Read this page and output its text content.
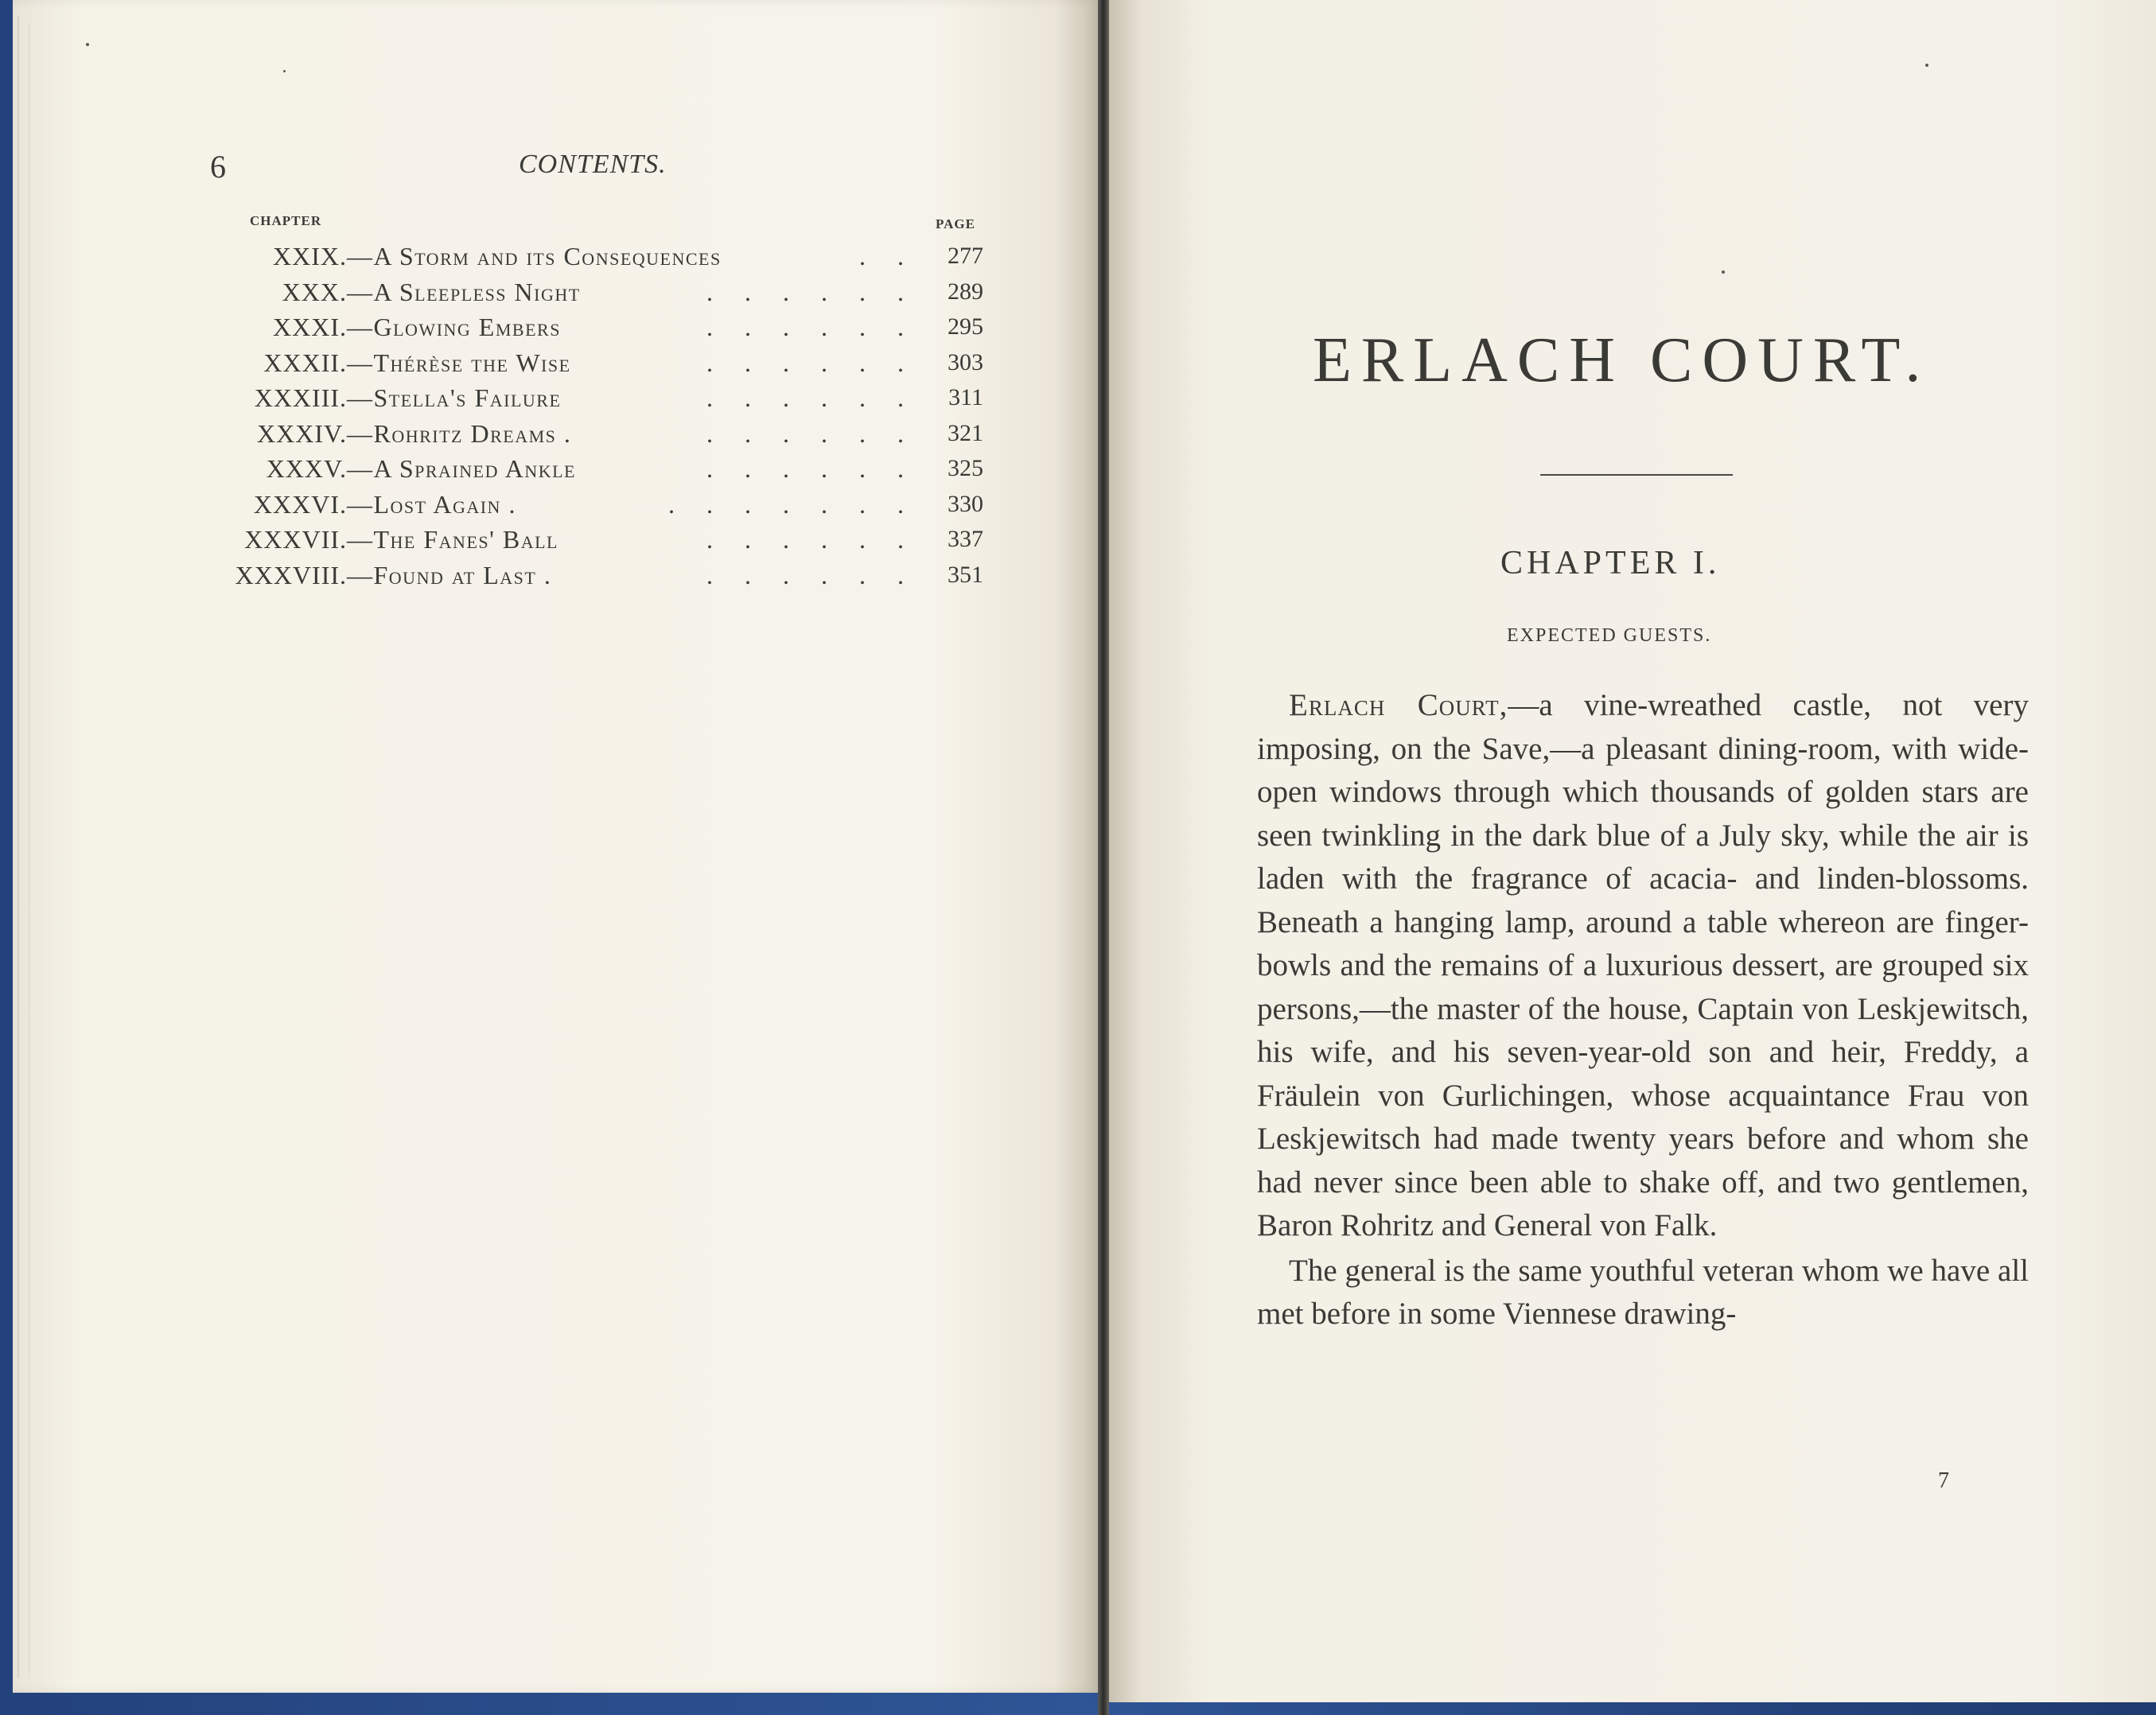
6	CONTENTS.
CHAPTER	PAGE
XXIX. —A Storm and its Consequences	.     .	277
XXX. —A Sleepless Night	.     .     .     .     .     .	289
XXXI. —Glowing Embers	.     .     .     .     .     .	295
XXXII. —Thérèse the Wise	.     .     .     .     .     .	303
XXXIII. —Stella's Failure	.     .     .     .     .     .	311
XXXIV. —Rohritz Dreams .	.     .     .     .     .     .	321
XXXV. —A Sprained Ankle	.     .     .     .     .     .	325
XXXVI. —Lost Again .	.     .     .     .     .     .     .	330
XXXVII. —The Fanes' Ball	.     .     .     .     .     .	337
XXXVIII. —Found at Last .	.     .     .     .     .     .	351
ERLACH COURT.
CHAPTER I.
EXPECTED GUESTS.

Erlach Court,—a vine-wreathed castle, not very imposing, on the Save,—a pleasant dining-room, with wide-open windows through which thousands of golden stars are seen twinkling in the dark blue of a July sky, while the air is laden with the fragrance of acacia- and linden-blossoms. Beneath a hanging lamp, around a table whereon are finger-bowls and the remains of a luxurious dessert, are grouped six persons,—the master of the house, Captain von Leskjewitsch, his wife, and his seven-year-old son and heir, Freddy, a Fräulein von Gurlichingen, whose acquaintance Frau von Leskjewitsch had made twenty years before and whom she had never since been able to shake off, and two gentlemen, Baron Rohritz and General von Falk.

The general is the same youthful veteran whom we have all met before in some Viennese drawing-

7
